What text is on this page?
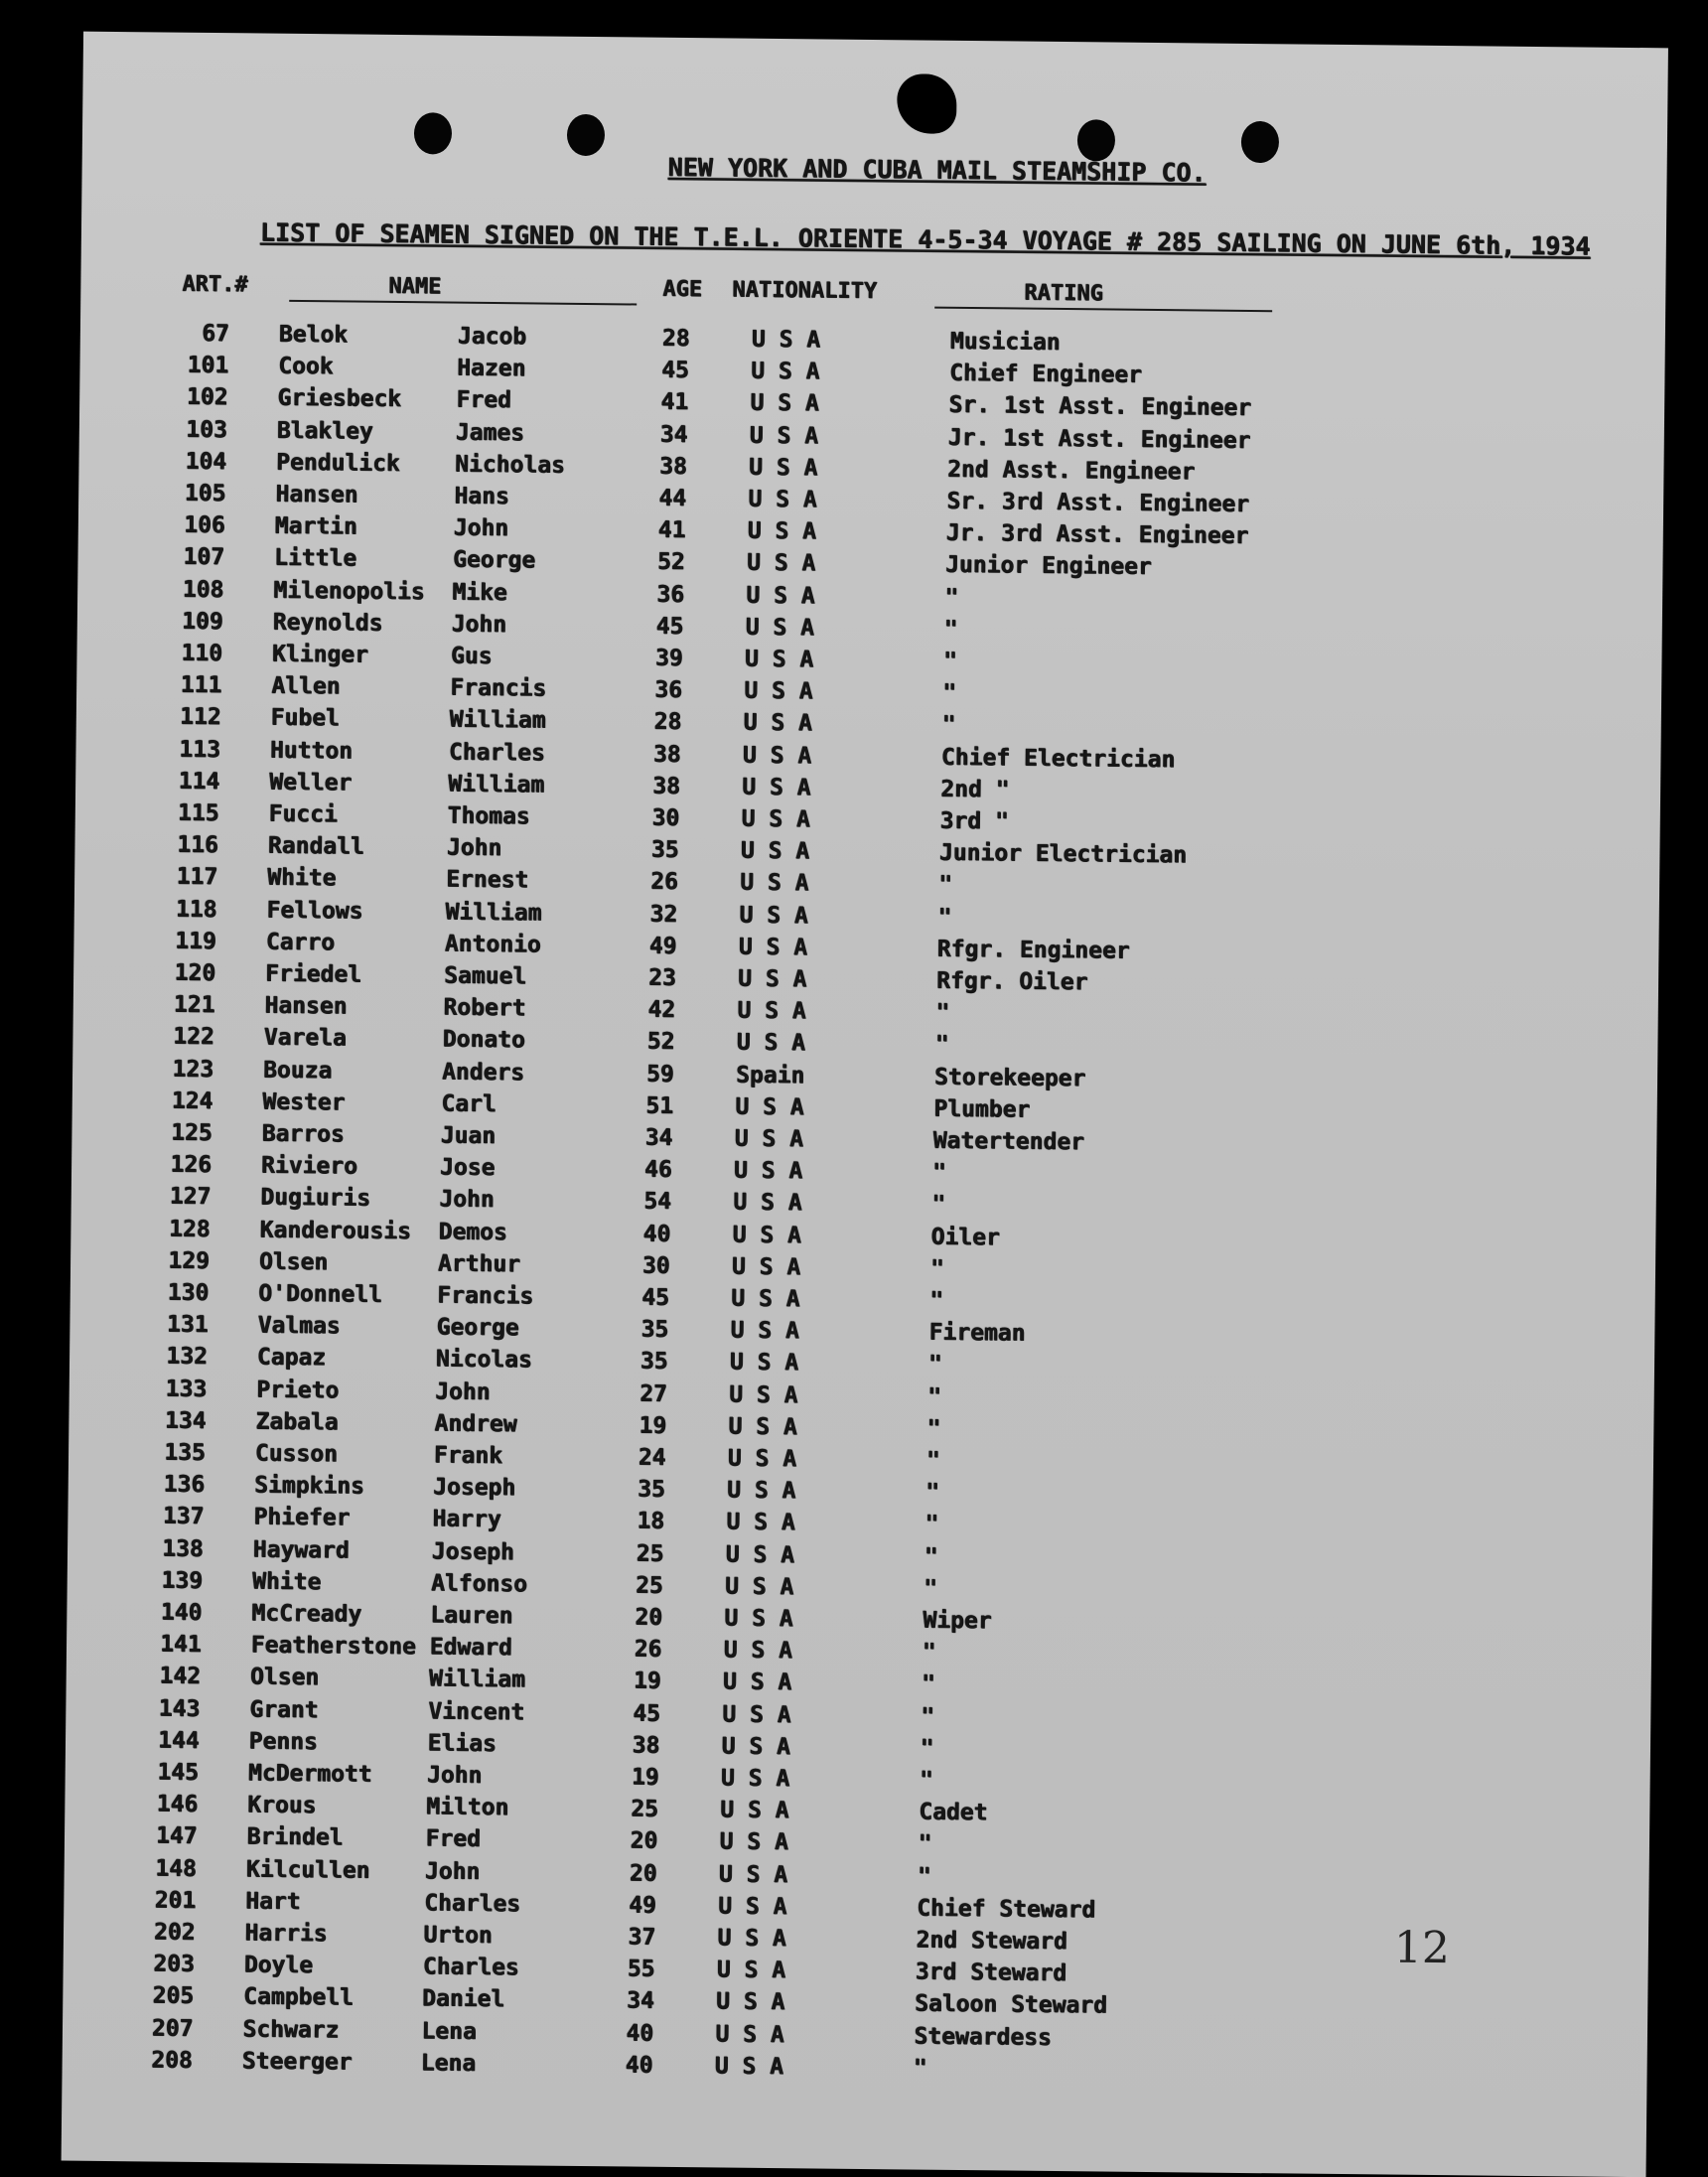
NEW YORK AND CUBA MAIL STEAMSHIP CO.
LIST OF SEAMEN SIGNED ON THE T.E.L. ORIENTE 4-5-34 VOYAGE # 285 SAILING ON JUNE 6th, 1934
ART.#	NAME	AGE NATIONALITY	RATING
67 Belok	Jacob	28	U S A	Musician
101 Cook	Hazen	45	U S A	Chief Engineer
102 Griesbeck Fred	41	U S A	Sr. 1st Asst. Engineer
103 Blakley	James	34	U S A	Jr. 1st Asst. Engineer
104 Pendulick Nicholas	38	U S A	2nd Asst. Engineer
105 Hansen	Hans	44	U S A	Sr. 3rd Asst. Engineer
106 Martin	John	41	U S A	Jr. 3rd Asst. Engineer
107 Little	George	52	U S A	Junior Engineer
108 Milenopolis Mike	36	U S A	"
109 Reynolds	John	45	U S A	"
110 Klinger	Gus	39	U S A	"
111 Allen	Francis	36	U S A	"
112 Fubel	William	28	U S A	"
113 Hutton	Charles	38	U S A	Chief Electrician
114 Weller	William	38	U S A	2nd "
115 Fucci	Thomas	30	U S A	3rd "
116 Randall	John	35	U S A	Junior Electrician
117 White	Ernest	26	U S A	"
118 Fellows	William	32	U S A	"
119 Carro	Antonio	49	U S A	Rfgr. Engineer
120 Friedel	Samuel	23	U S A	Rfgr. Oiler
121 Hansen	Robert	42	U S A	"
122 Varela	Donato	52	U S A	"
123 Bouza	Anders	59	Spain	Storekeeper
124 Wester	Carl	51	U S A	Plumber
125 Barros	Juan	34	U S A	Watertender
126 Riviero	Jose	46	U S A	"
127 Dugiuris	John	54	U S A	"
128 Kanderousis Demos	40	U S A	Oiler
129 Olsen	Arthur	30	U S A	"
130 O'Donnell Francis	45	U S A	"
131 Valmas	George	35	U S A	Fireman
132 Capaz	Nicolas	35	U S A	"
133 Prieto	John	27	U S A	"
134 Zabala	Andrew	19	U S A	"
135 Cusson	Frank	24	U S A	"
136 Simpkins	Joseph	35	U S A	"
137 Phiefer	Harry	18	U S A	"
138 Hayward	Joseph	25	U S A	"
139 White	Alfonso	25	U S A	"
140 McCready	Lauren	20	U S A	Wiper
141 Featherstone Edward	26	U S A	"
142 Olsen	William	19	U S A	"
143 Grant	Vincent	45	U S A	"
144 Penns	Elias	38	U S A	"
145 McDermott John	19	U S A	"
146 Krous	Milton	25	U S A	Cadet
147 Brindel	Fred	20	U S A	"
148 Kilcullen John	20	U S A	"
201 Hart	Charles	49	U S A	Chief Steward
202 Harris	Urton	37	U S A	2nd Steward
203 Doyle	Charles	55	U S A	3rd Steward
205 Campbell	Daniel	34	U S A	Saloon Steward
207 Schwarz	Lena	40	U S A	Stewardess
208 Steerger	Lena	40	U S A	"
12
